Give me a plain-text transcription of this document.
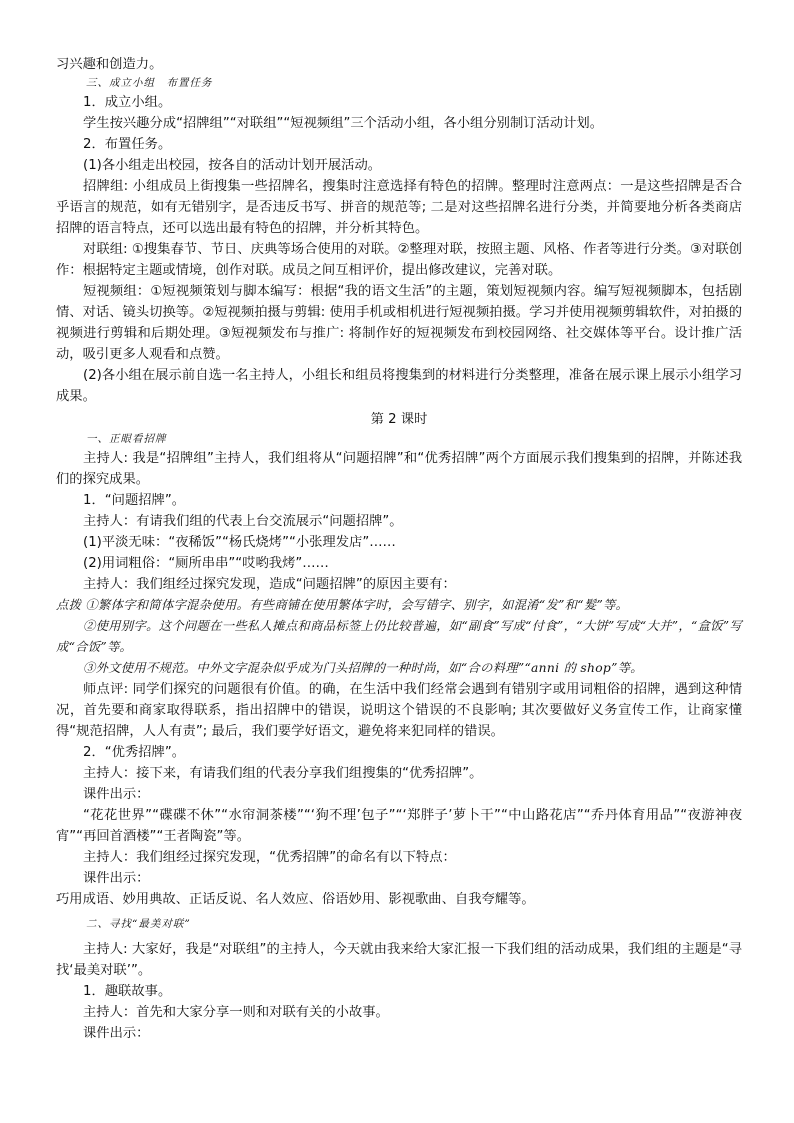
习兴趣和创造力。

三、成立小组　布置任务

1．成立小组。

学生按兴趣分成“招牌组”“对联组”“短视频组”三个活动小组，各小组分别制订活动计划。

2．布置任务。

(1)各小组走出校园，按各自的活动计划开展活动。

招牌组: 小组成员上街搜集一些招牌名，搜集时注意选择有特色的招牌。整理时注意两点：一是这些招牌是否合乎语言的规范，如有无错别字，是否违反书写、拼音的规范等; 二是对这些招牌名进行分类，并简要地分析各类商店招牌的语言特点，还可以选出最有特色的招牌，并分析其特色。

对联组: ①搜集春节、节日、庆典等场合使用的对联。②整理对联，按照主题、风格、作者等进行分类。③对联创作：根据特定主题或情境，创作对联。成员之间互相评价，提出修改建议，完善对联。

短视频组：①短视频策划与脚本编写：根据“我的语文生活”的主题，策划短视频内容。编写短视频脚本，包括剧情、对话、镜头切换等。②短视频拍摄与剪辑: 使用手机或相机进行短视频拍摄。学习并使用视频剪辑软件，对拍摄的视频进行剪辑和后期处理。③短视频发布与推广: 将制作好的短视频发布到校园网络、社交媒体等平台。设计推广活动，吸引更多人观看和点赞。

(2)各小组在展示前自选一名主持人，小组长和组员将搜集到的材料进行分类整理，准备在展示课上展示小组学习成果。

第 2 课时

一、正眼看招牌

主持人: 我是“招牌组”主持人，我们组将从“问题招牌”和“优秀招牌”两个方面展示我们搜集到的招牌，并陈述我们的探究成果。

1．“问题招牌”。

主持人：有请我们组的代表上台交流展示“问题招牌”。

(1)平淡无味：“夜稀饭”“杨氏烧烤”“小张理发店”……

(2)用词粗俗：“厕所串串”“哎哟我烤”……

主持人：我们组经过探究发现，造成“问题招牌”的原因主要有：

点拨 ①繁体字和简体字混杂使用。有些商铺在使用繁体字时，会写错字、别字，如混淆“发”和“髮”等。

②使用别字。这个问题在一些私人摊点和商品标签上仍比较普遍，如“副食”写成“付食”，“大饼”写成“大并”，“盒饭”写成“合饭”等。

③外文使用不规范。中外文字混杂似乎成为门头招牌的一种时尚，如“合の料理”“anni 的 shop”等。

师点评: 同学们探究的问题很有价值。的确，在生活中我们经常会遇到有错别字或用词粗俗的招牌，遇到这种情况，首先要和商家取得联系，指出招牌中的错误，说明这个错误的不良影响; 其次要做好义务宣传工作，让商家懂得“规范招牌，人人有责”; 最后，我们要学好语文，避免将来犯同样的错误。

2．“优秀招牌”。

主持人：接下来，有请我们组的代表分享我们组搜集的“优秀招牌”。

课件出示：

“花花世界”“碟碟不休”“水帘洞茶楼”“‘狗不理’包子”“‘郑胖子’萝卜干”“中山路花店”“乔丹体育用品”“夜游神夜宵”“再回首酒楼”“王者陶瓷”等。

主持人：我们组经过探究发现，“优秀招牌”的命名有以下特点：

课件出示：

巧用成语、妙用典故、正话反说、名人效应、俗语妙用、影视歌曲、自我夸耀等。

二、寻找“最美对联”

主持人: 大家好，我是“对联组”的主持人，今天就由我来给大家汇报一下我们组的活动成果，我们组的主题是“寻找‘最美对联’”。

1．趣联故事。

主持人：首先和大家分享一则和对联有关的小故事。

课件出示：
